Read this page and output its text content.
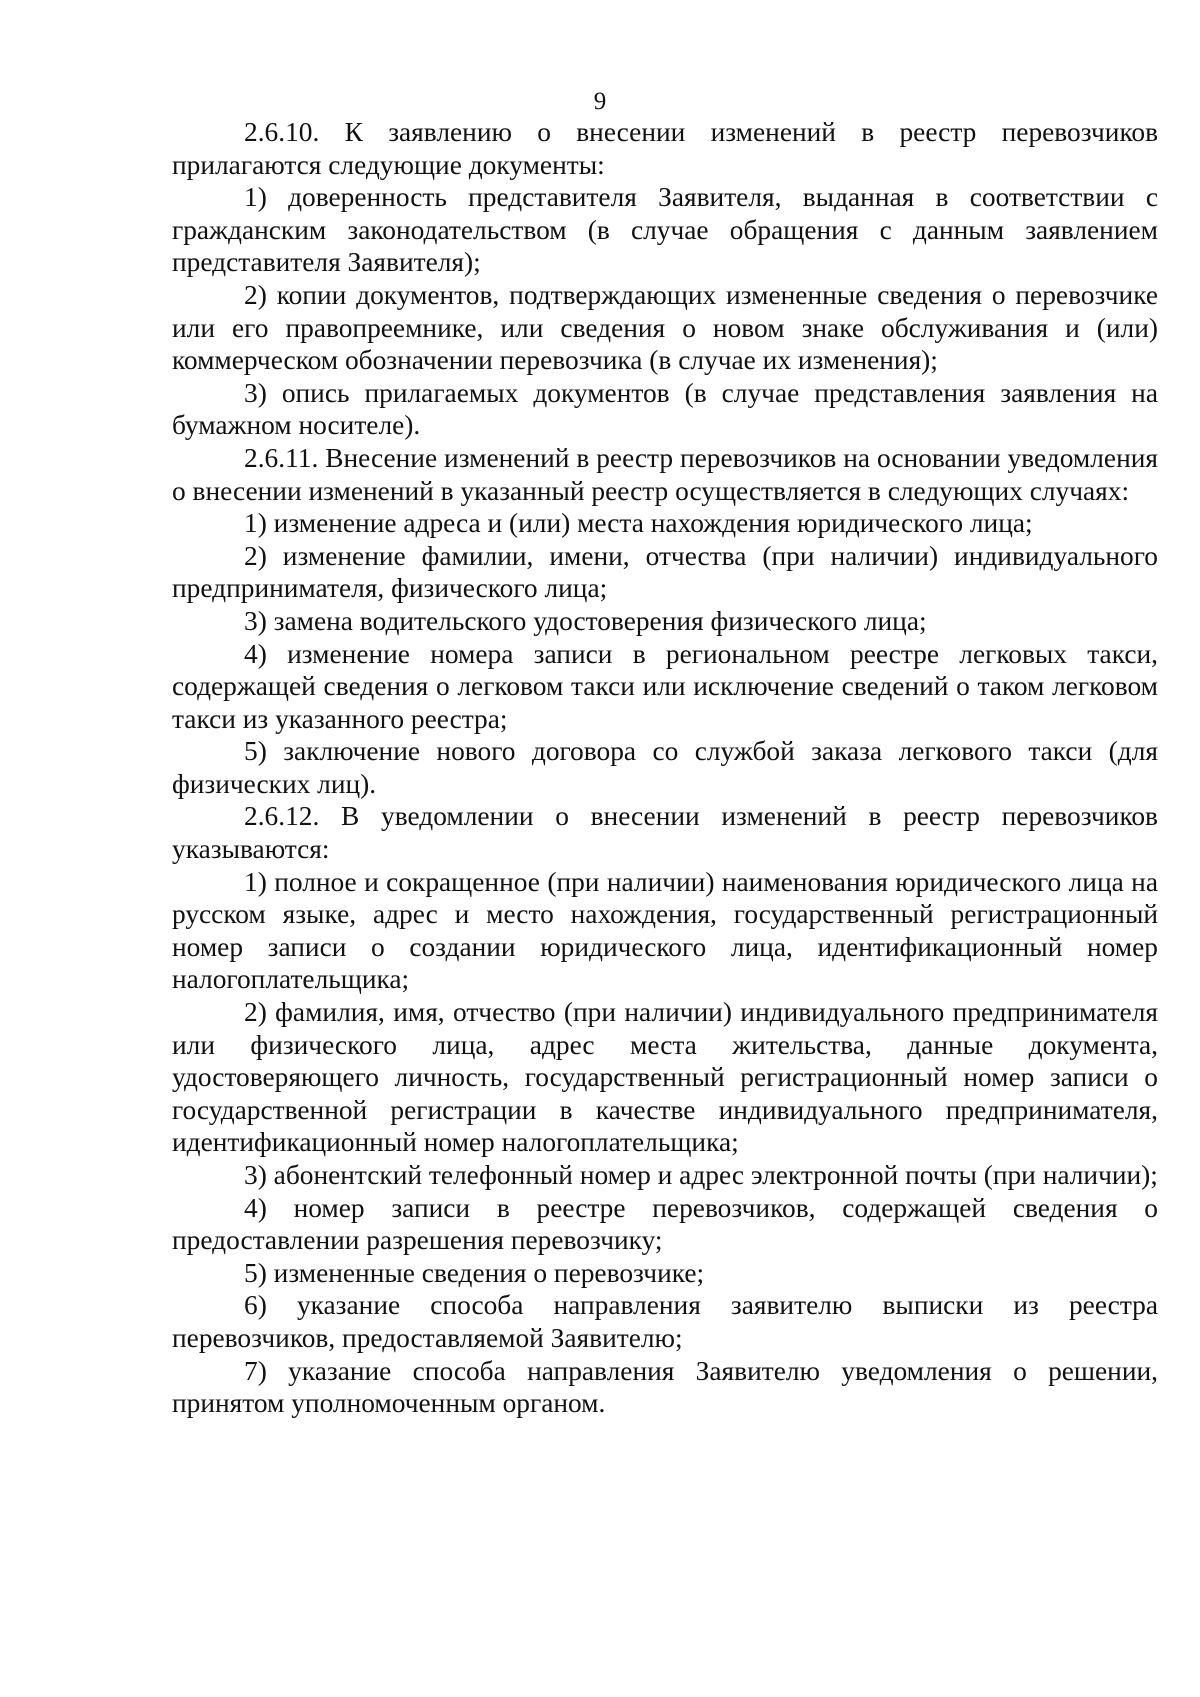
9

2.6.10. К заявлению о внесении изменений в реестр перевозчиков прилагаются следующие документы:

1) доверенность представителя Заявителя, выданная в соответствии с гражданским законодательством (в случае обращения с данным заявлением представителя Заявителя);

2) копии документов, подтверждающих измененные сведения о перевозчике или его правопреемнике, или сведения о новом знаке обслуживания и (или) коммерческом обозначении перевозчика (в случае их изменения);

3) опись прилагаемых документов (в случае представления заявления на бумажном носителе).

2.6.11. Внесение изменений в реестр перевозчиков на основании уведомления о внесении изменений в указанный реестр осуществляется в следующих случаях:

1) изменение адреса и (или) места нахождения юридического лица;

2) изменение фамилии, имени, отчества (при наличии) индивидуального предпринимателя, физического лица;

3) замена водительского удостоверения физического лица;

4) изменение номера записи в региональном реестре легковых такси, содержащей сведения о легковом такси или исключение сведений о таком легковом такси из указанного реестра;

5) заключение нового договора со службой заказа легкового такси (для физических лиц).

2.6.12. В уведомлении о внесении изменений в реестр перевозчиков указываются:

1) полное и сокращенное (при наличии) наименования юридического лица на русском языке, адрес и место нахождения, государственный регистрационный номер записи о создании юридического лица, идентификационный номер налогоплательщика;

2) фамилия, имя, отчество (при наличии) индивидуального предпринимателя или физического лица, адрес места жительства, данные документа, удостоверяющего личность, государственный регистрационный номер записи о государственной регистрации в качестве индивидуального предпринимателя, идентификационный номер налогоплательщика;

3) абонентский телефонный номер и адрес электронной почты (при наличии);

4) номер записи в реестре перевозчиков, содержащей сведения о предоставлении разрешения перевозчику;

5) измененные сведения о перевозчике;

6) указание способа направления заявителю выписки из реестра перевозчиков, предоставляемой Заявителю;

7) указание способа направления Заявителю уведомления о решении, принятом уполномоченным органом.
